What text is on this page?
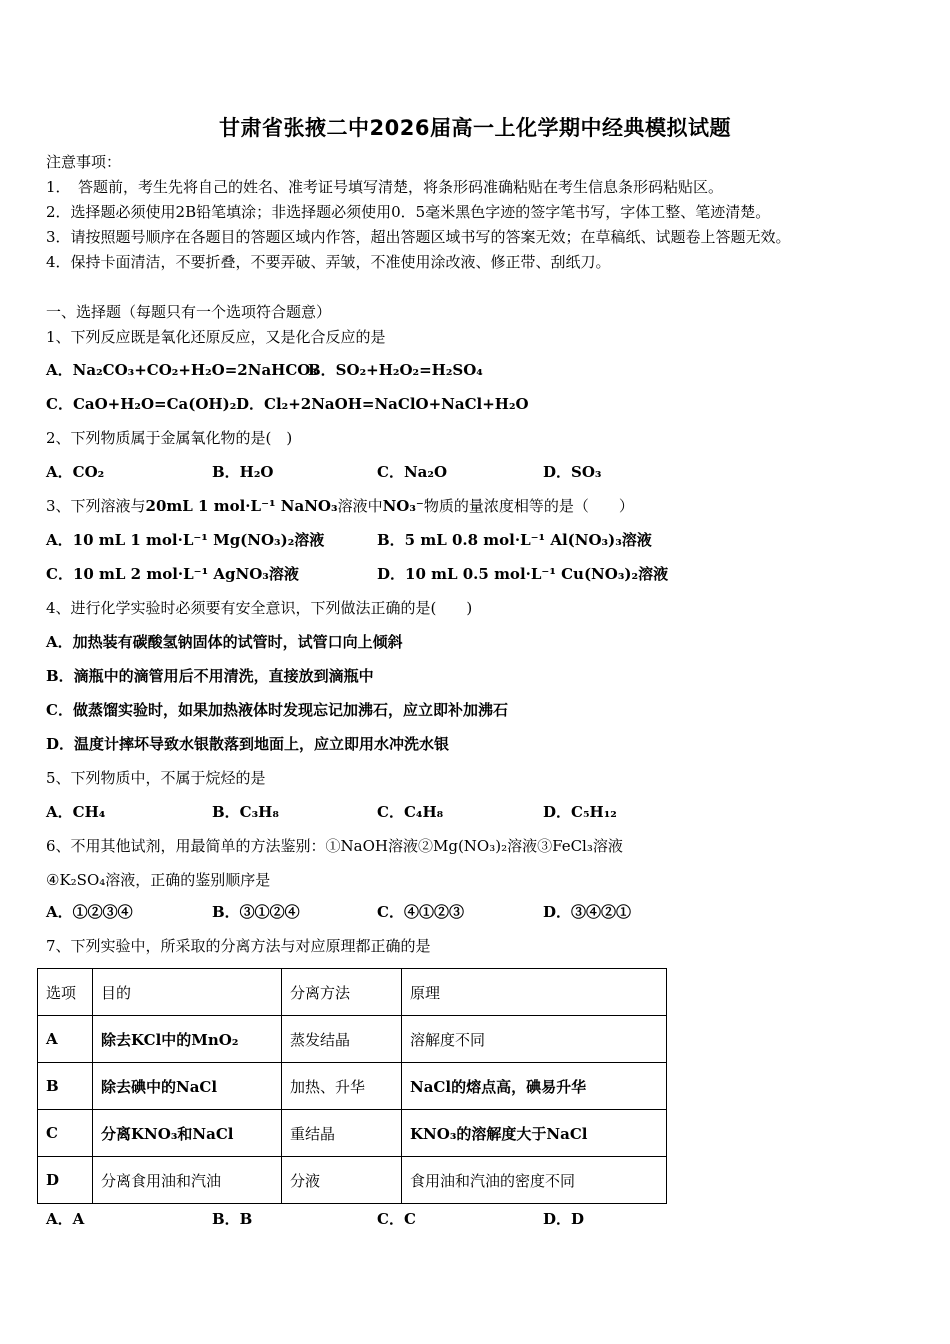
甘肃省张掖二中2026届高一上化学期中经典模拟试题
注意事项：
1．　答题前，考生先将自己的姓名、准考证号填写清楚，将条形码准确粘贴在考生信息条形码粘贴区。
2．选择题必须使用2B铅笔填涂；非选择题必须使用0．5毫米黑色字迹的签字笔书写，字体工整、笔迹清楚。
3．请按照题号顺序在各题目的答题区域内作答，超出答题区域书写的答案无效；在草稿纸、试题卷上答题无效。
4．保持卡面清洁，不要折叠，不要弄破、弄皱，不准使用涂改液、修正带、刮纸刀。
一、选择题（每题只有一个选项符合题意）
1、下列反应既是氧化还原反应，又是化合反应的是
A．Na₂CO₃+CO₂+H₂O=2NaHCO₃
B．SO₂+H₂O₂=H₂SO₄
C．CaO+H₂O=Ca(OH)₂ D．Cl₂+2NaOH=NaClO+NaCl+H₂O
2、下列物质属于金属氧化物的是(　)
A．CO₂	B．H₂O	C．Na₂O	D．SO₃
3、下列溶液与20mL 1 mol·L⁻¹ NaNO₃溶液中NO₃⁻物质的量浓度相等的是（　　）
A．10 mL 1 mol·L⁻¹ Mg(NO₃)₂溶液	B．5 mL 0.8 mol·L⁻¹ Al(NO₃)₃溶液
C．10 mL 2 mol·L⁻¹ AgNO₃溶液	D．10 mL 0.5 mol·L⁻¹ Cu(NO₃)₂溶液
4、进行化学实验时必须要有安全意识，下列做法正确的是(　　)
A．加热装有碳酸氢钠固体的试管时，试管口向上倾斜
B．滴瓶中的滴管用后不用清洗，直接放到滴瓶中
C．做蒸馏实验时，如果加热液体时发现忘记加沸石，应立即补加沸石
D．温度计摔坏导致水银散落到地面上，应立即用水冲洗水银
5、下列物质中，不属于烷烃的是
A．CH₄	B．C₃H₈	C．C₄H₈	D．C₅H₁₂
6、不用其他试剂，用最简单的方法鉴别：①NaOH溶液②Mg(NO₃)₂溶液③FeCl₃溶液
④K₂SO₄溶液，正确的鉴别顺序是
A．①②③④	B．③①②④	C．④①②③	D．③④②①
7、下列实验中，所采取的分离方法与对应原理都正确的是
选项	目的	分离方法	原理
A	除去KCl中的MnO₂	蒸发结晶	溶解度不同
B	除去碘中的NaCl	加热、升华	NaCl的熔点高，碘易升华
C	分离KNO₃和NaCl	重结晶	KNO₃的溶解度大于NaCl
D	分离食用油和汽油	分液	食用油和汽油的密度不同
A．A	B．B	C．C	D．D
